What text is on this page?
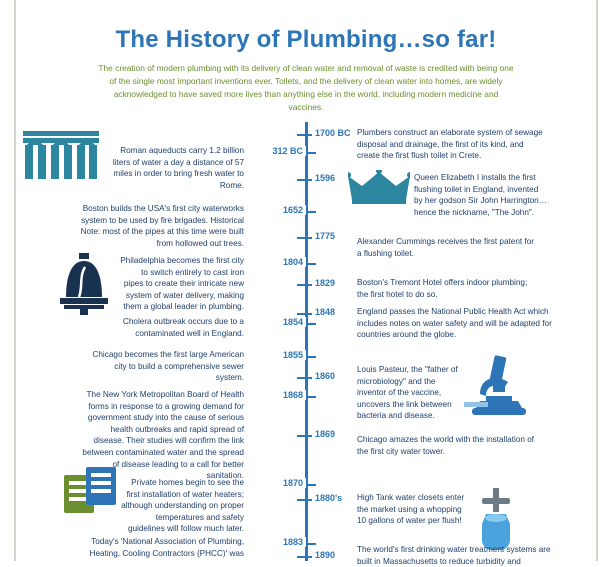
The History of Plumbing…so far!
The creation of modern plumbing with its delivery of clean water and removal of waste is credited with being one of the single most important inventions ever. Toilets, and the delivery of clean water into homes, are widely acknowledged to have saved more lives than anything else in the world, including modern medicine and vaccines.
312 BC
1700 BC
1596
1652
1775
1804
1829
1848
1854
1855
1860
1868
1869
1870
1880's
1883
1890
Roman aqueducts carry 1.2 billion liters of water a day a distance of 57 miles in order to bring fresh water to Rome.
Boston builds the USA's first city waterworks system to be used by fire brigades. Historical Note: most of the pipes at this time were built from hollowed out trees.
Philadelphia becomes the first city to switch entirely to cast iron pipes to create their intricate new system of water delivery, making them a global leader in plumbing.
Cholera outbreak occurs due to a contaminated well in England.
Chicago becomes the first large American city to build a comprehensive sewer system.
The New York Metropolitan Board of Health forms in response to a growing demand for government study into the cause of serious health outbreaks and rapid spread of disease. Their studies will confirm the link between contaminated water and the spread of disease leading to a call for better sanitation.
Private homes begin to see the first installation of water heaters; although understanding on proper temperatures and safety guidelines will follow much later.
Today's 'National Association of Plumbing, Heating, Cooling Contractors (PHCC)' was
Plumbers construct an elaborate system of sewage disposal and drainage, the first of its kind, and create the first flush toilet in Crete.
Queen Elizabeth I installs the first flushing toilet in England, invented by her godson Sir John Harrington… hence the nickname, "The John".
Alexander Cummings receives the first patent for a flushing toilet.
Boston's Tremont Hotel offers indoor plumbing; the first hotel to do so.
England passes the National Public Health Act which includes notes on water safety and will be adapted for countries around the globe.
Louis Pasteur, the "father of microbiology" and the inventor of the vaccine, uncovers the link between bacteria and disease.
Chicago amazes the world with the installation of the first city water tower.
High Tank water closets enter the market using a whopping 10 gallons of water per flush!
The world's first drinking water treatment systems are built in Massachusetts to reduce turbidity and
